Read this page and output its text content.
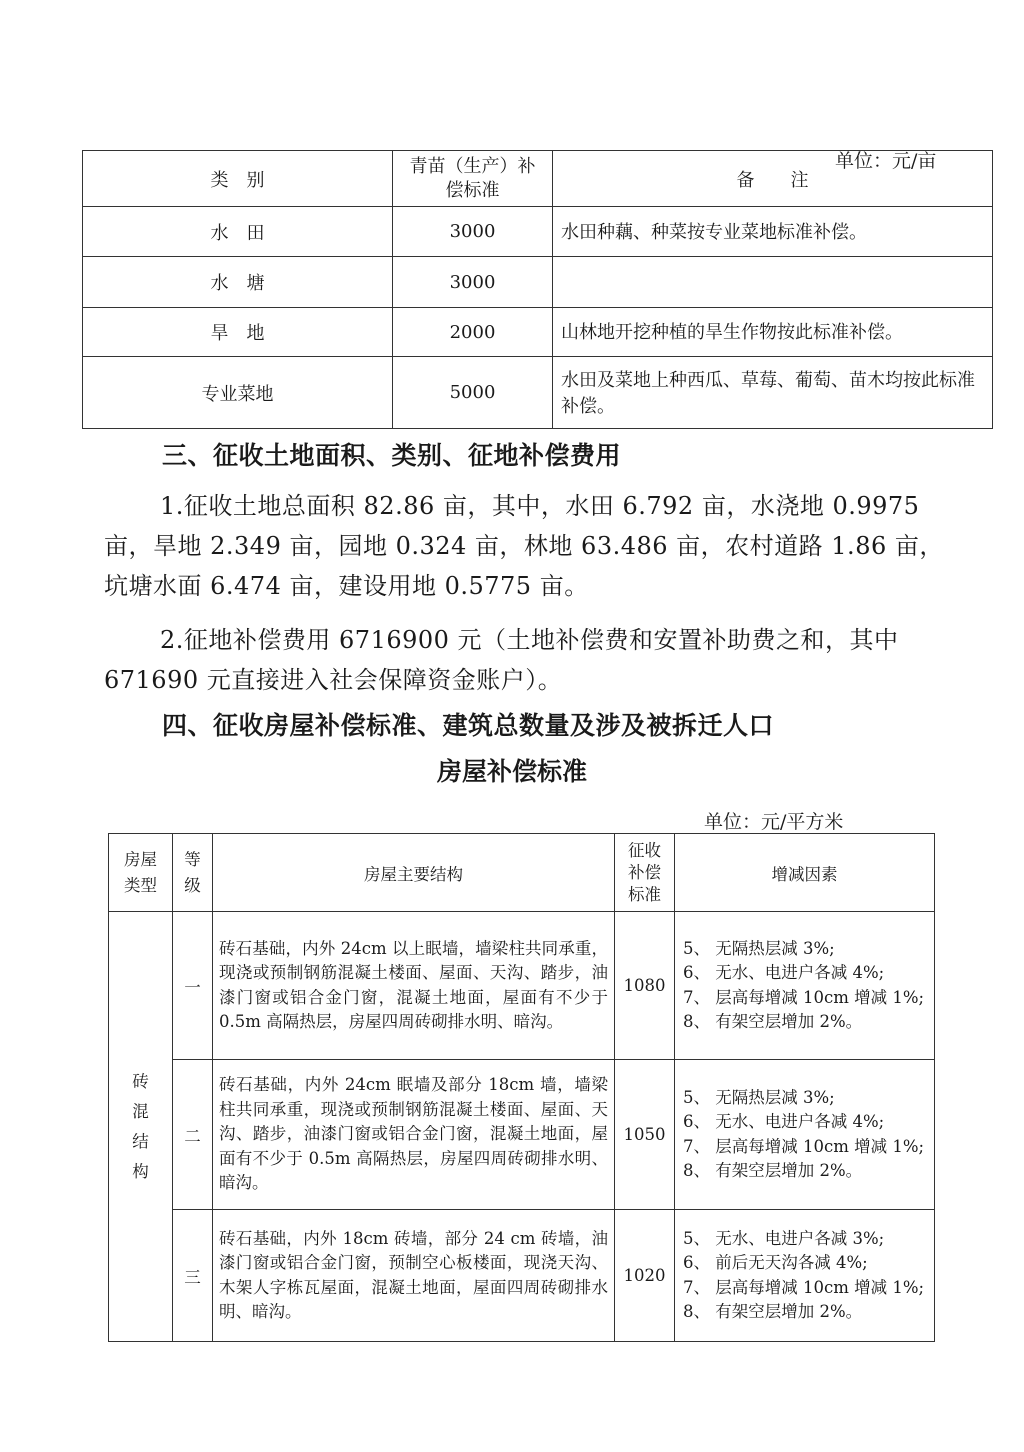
单位：元/亩
类　别	青苗（生产）补偿标准	备　　注
水　田	3000	水田种藕、种菜按专业菜地标准补偿。
水　塘	3000	
旱　地	2000	山林地开挖种植的旱生作物按此标准补偿。
专业菜地	5000	水田及菜地上种西瓜、草莓、葡萄、苗木均按此标准补偿。
三、征收土地面积、类别、征地补偿费用
1.征收土地总面积 82.86 亩，其中，水田 6.792 亩，水浇地 0.9975
亩，旱地 2.349 亩，园地 0.324 亩，林地 63.486 亩，农村道路 1.86 亩，
坑塘水面 6.474 亩，建设用地 0.5775 亩。
2.征地补偿费用 6716900 元（土地补偿费和安置补助费之和，其中
671690 元直接进入社会保障资金账户）。
四、征收房屋补偿标准、建筑总数量及涉及被拆迁人口
房屋补偿标准
单位：元/平方米
房屋类型	等级	房屋主要结构	征收补偿标准	增减因素
砖混结构	一	砖石基础，内外 24cm 以上眠墙，墙梁柱共同承重，现浇或预制钢筋混凝土楼面、屋面、天沟、踏步，油漆门窗或铝合金门窗，混凝土地面，屋面有不少于 0.5m 高隔热层，房屋四周砖砌排水明、暗沟。	1080	5、 无隔热层减 3%;
6、 无水、电进户各减 4%;
7、 层高每增减 10cm 增减 1%;
8、 有架空层增加 2%。

	二	砖石基础，内外 24cm 眠墙及部分 18cm 墙，墙梁柱共同承重，现浇或预制钢筋混凝土楼面、屋面、天沟、踏步，油漆门窗或铝合金门窗，混凝土地面，屋面有不少于 0.5m 高隔热层，房屋四周砖砌排水明、暗沟。	1050	5、 无隔热层减 3%;
6、 无水、电进户各减 4%;
7、 层高每增减 10cm 增减 1%;
8、 有架空层增加 2%。

	三	砖石基础，内外 18cm 砖墙，部分 24 cm 砖墙，油漆门窗或铝合金门窗，预制空心板楼面，现浇天沟、木架人字栋瓦屋面，混凝土地面，屋面四周砖砌排水明、暗沟。	1020	5、 无水、电进户各减 3%;
6、 前后无天沟各减 4%;
7、 层高每增减 10cm 增减 1%;
8、 有架空层增加 2%。
